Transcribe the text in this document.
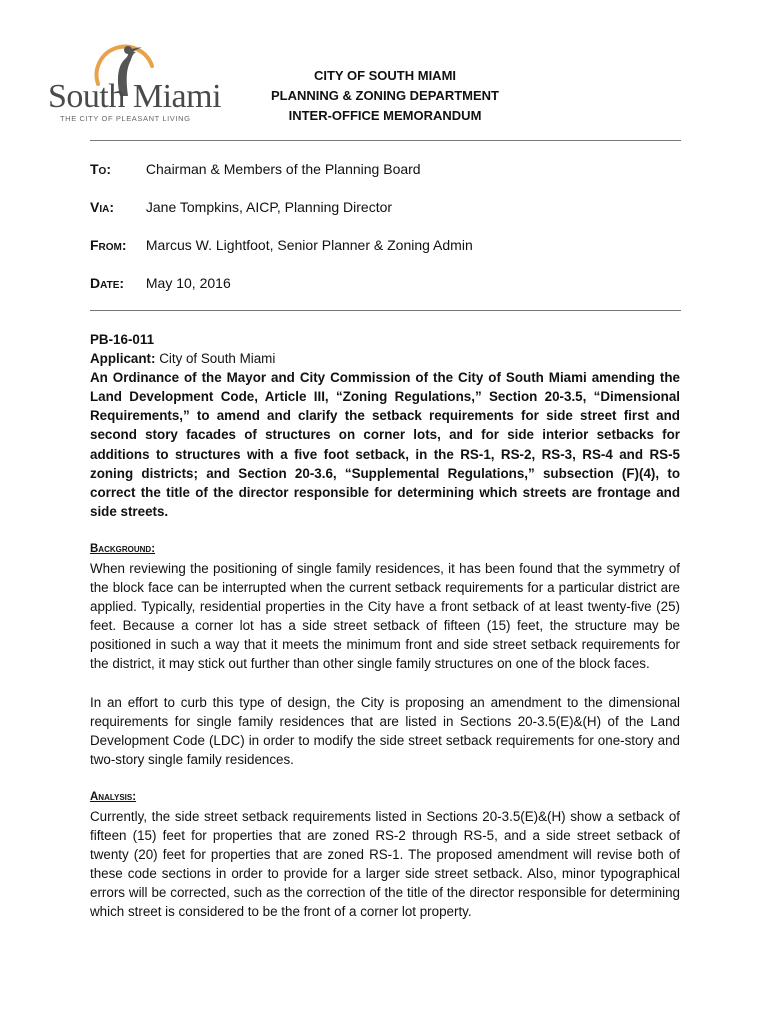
South Miami
THE CITY OF PLEASANT LIVING
CITY OF SOUTH MIAMI
PLANNING & ZONING DEPARTMENT
INTER-OFFICE MEMORANDUM
To: Chairman & Members of the Planning Board
Via: Jane Tompkins, AICP, Planning Director
From: Marcus W. Lightfoot, Senior Planner & Zoning Admin
Date: May 10, 2016

PB-16-011

Applicant: City of South Miami

An Ordinance of the Mayor and City Commission of the City of South Miami amending the Land Development Code, Article III, “Zoning Regulations,” Section 20-3.5, “Dimensional Requirements,” to amend and clarify the setback requirements for side street first and second story facades of structures on corner lots, and for side interior setbacks for additions to structures with a five foot setback, in the RS-1, RS-2, RS-3, RS-4 and RS-5 zoning districts; and Section 20-3.6, “Supplemental Regulations,” subsection (F)(4), to correct the title of the director responsible for determining which streets are frontage and side streets.

Background:

When reviewing the positioning of single family residences, it has been found that the symmetry of the block face can be interrupted when the current setback requirements for a particular district are applied. Typically, residential properties in the City have a front setback of at least twenty-five (25) feet. Because a corner lot has a side street setback of fifteen (15) feet, the structure may be positioned in such a way that it meets the minimum front and side street setback requirements for the district, it may stick out further than other single family structures on one of the block faces.

In an effort to curb this type of design, the City is proposing an amendment to the dimensional requirements for single family residences that are listed in Sections 20-3.5(E)&(H) of the Land Development Code (LDC) in order to modify the side street setback requirements for one-story and two-story single family residences.

Analysis:

Currently, the side street setback requirements listed in Sections 20-3.5(E)&(H) show a setback of fifteen (15) feet for properties that are zoned RS-2 through RS-5, and a side street setback of twenty (20) feet for properties that are zoned RS-1. The proposed amendment will revise both of these code sections in order to provide for a larger side street setback. Also, minor typographical errors will be corrected, such as the correction of the title of the director responsible for determining which street is considered to be the front of a corner lot property.
